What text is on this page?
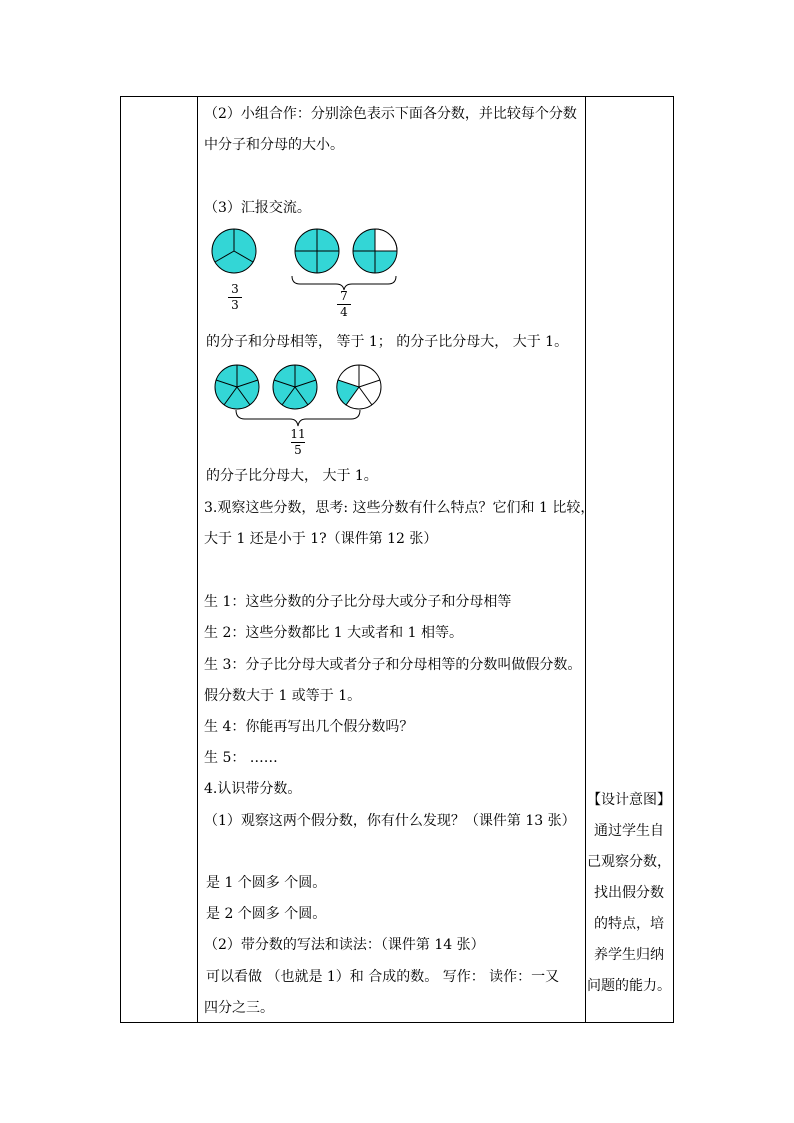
（2）小组合作：分别涂色表示下面各分数，并比较每个分数
中分子和分母的大小。
（3）汇报交流。
3
3
7
4
的分子和分母相等， 等于 1； 的分子比分母大， 大于 1。
11
5
的分子比分母大， 大于 1。
3.观察这些分数，思考: 这些分数有什么特点？它们和 1 比较，
大于 1 还是小于 1?（课件第 12 张）
生 1：这些分数的分子比分母大或分子和分母相等
生 2：这些分数都比 1 大或者和 1 相等。
生 3：分子比分母大或者分子和分母相等的分数叫做假分数。
假分数大于 1 或等于 1。
生 4：你能再写出几个假分数吗？
生 5： ……
4.认识带分数。
（1）观察这两个假分数，你有什么发现？（课件第 13 张）
是 1 个圆多 个圆。
是 2 个圆多 个圆。
（2）带分数的写法和读法：（课件第 14 张）
可以看做 （也就是 1）和 合成的数。 写作： 读作：一又
四分之三。
【设计意图】
通过学生自
己观察分数，
找出假分数
的特点，培
养学生归纳
问题的能力。
